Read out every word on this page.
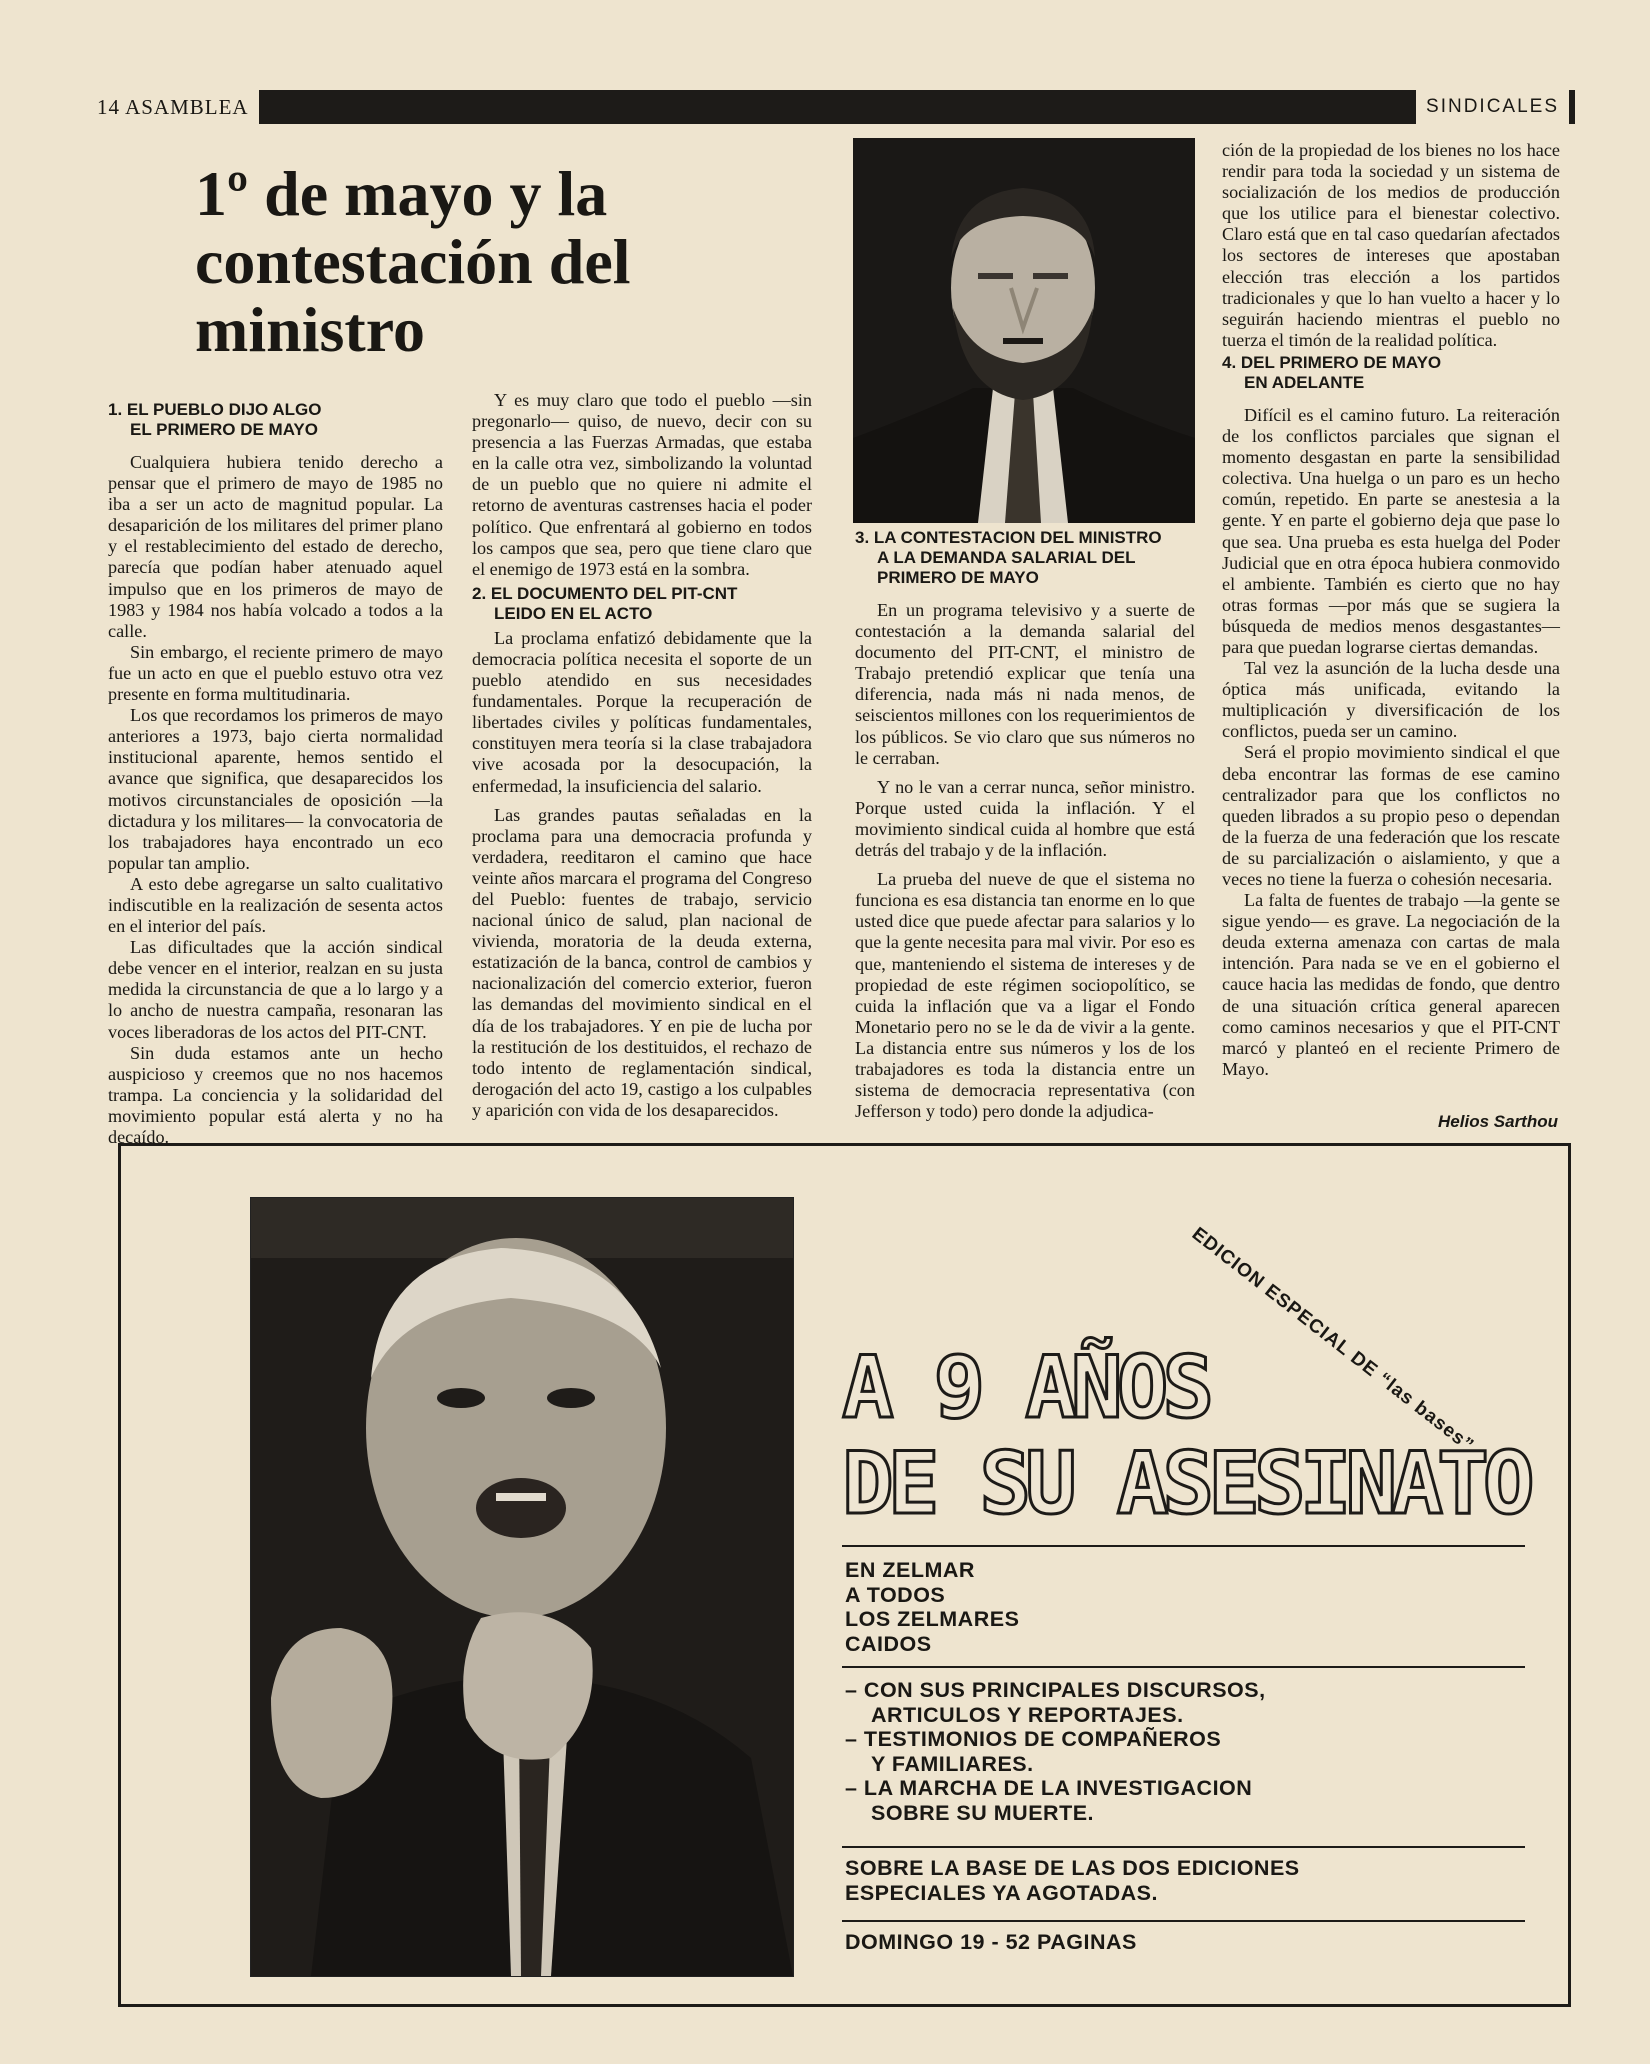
14 ASAMBLEA	SINDICALES
1º de mayo y la contestación del ministro
1. EL PUEBLO DIJO ALGO
EL PRIMERO DE MAYO

Cualquiera hubiera tenido derecho a pensar que el primero de mayo de 1985 no iba a ser un acto de magnitud popular. La desaparición de los militares del primer plano y el restablecimiento del estado de derecho, parecía que podían haber atenuado aquel impulso que en los primeros de mayo de 1983 y 1984 nos había volcado a todos a la calle.

Sin embargo, el reciente primero de mayo fue un acto en que el pueblo estuvo otra vez presente en forma multitudinaria.

Los que recordamos los primeros de mayo anteriores a 1973, bajo cierta normalidad institucional aparente, hemos sentido el avance que significa, que desaparecidos los motivos circunstanciales de oposición —la dictadura y los militares— la convocatoria de los trabajadores haya encontrado un eco popular tan amplio.

A esto debe agregarse un salto cualitativo indiscutible en la realización de sesenta actos en el interior del país.

Las dificultades que la acción sindical debe vencer en el interior, realzan en su justa medida la circunstancia de que a lo largo y a lo ancho de nuestra campaña, resonaran las voces liberadoras de los actos del PIT-CNT.

Sin duda estamos ante un hecho auspicioso y creemos que no nos hacemos trampa. La conciencia y la solidaridad del movimiento popular está alerta y no ha decaído.

Y es muy claro que todo el pueblo —sin pregonarlo— quiso, de nuevo, decir con su presencia a las Fuerzas Armadas, que estaba en la calle otra vez, simbolizando la voluntad de un pueblo que no quiere ni admite el retorno de aventuras castrenses hacia el poder político. Que enfrentará al gobierno en todos los campos que sea, pero que tiene claro que el enemigo de 1973 está en la sombra.

2. EL DOCUMENTO DEL PIT-CNT
LEIDO EN EL ACTO

La proclama enfatizó debidamente que la democracia política necesita el soporte de un pueblo atendido en sus necesidades fundamentales. Porque la recuperación de libertades civiles y políticas fundamentales, constituyen mera teoría si la clase trabajadora vive acosada por la desocupación, la enfermedad, la insuficiencia del salario.

Las grandes pautas señaladas en la proclama para una democracia profunda y verdadera, reeditaron el camino que hace veinte años marcara el programa del Congreso del Pueblo: fuentes de trabajo, servicio nacional único de salud, plan nacional de vivienda, moratoria de la deuda externa, estatización de la banca, control de cambios y nacionalización del comercio exterior, fueron las demandas del movimiento sindical en el día de los trabajadores. Y en pie de lucha por la restitución de los destituidos, el rechazo de todo intento de reglamentación sindical, derogación del acto 19, castigo a los culpables y aparición con vida de los desaparecidos.

3. LA CONTESTACION DEL MINISTRO
A LA DEMANDA SALARIAL DEL
PRIMERO DE MAYO

En un programa televisivo y a suerte de contestación a la demanda salarial del documento del PIT-CNT, el ministro de Trabajo pretendió explicar que tenía una diferencia, nada más ni nada menos, de seiscientos millones con los requerimientos de los públicos. Se vio claro que sus números no le cerraban.

Y no le van a cerrar nunca, señor ministro. Porque usted cuida la inflación. Y el movimiento sindical cuida al hombre que está detrás del trabajo y de la inflación.

La prueba del nueve de que el sistema no funciona es esa distancia tan enorme en lo que usted dice que puede afectar para salarios y lo que la gente necesita para mal vivir. Por eso es que, manteniendo el sistema de intereses y de propiedad de este régimen sociopolítico, se cuida la inflación que va a ligar el Fondo Monetario pero no se le da de vivir a la gente. La distancia entre sus números y los de los trabajadores es toda la distancia entre un sistema de democracia representativa (con Jefferson y todo) pero donde la adjudica-

ción de la propiedad de los bienes no los hace rendir para toda la sociedad y un sistema de socialización de los medios de producción que los utilice para el bienestar colectivo. Claro está que en tal caso quedarían afectados los sectores de intereses que apostaban elección tras elección a los partidos tradicionales y que lo han vuelto a hacer y lo seguirán haciendo mientras el pueblo no tuerza el timón de la realidad política.

4. DEL PRIMERO DE MAYO
EN ADELANTE

Difícil es el camino futuro. La reiteración de los conflictos parciales que signan el momento desgastan en parte la sensibilidad colectiva. Una huelga o un paro es un hecho común, repetido. En parte se anestesia a la gente. Y en parte el gobierno deja que pase lo que sea. Una prueba es esta huelga del Poder Judicial que en otra época hubiera conmovido el ambiente. También es cierto que no hay otras formas —por más que se sugiera la búsqueda de medios menos desgastantes— para que puedan lograrse ciertas demandas.

Tal vez la asunción de la lucha desde una óptica más unificada, evitando la multiplicación y diversificación de los conflictos, pueda ser un camino.

Será el propio movimiento sindical el que deba encontrar las formas de ese camino centralizador para que los conflictos no queden librados a su propio peso o dependan de la fuerza de una federación que los rescate de su parcialización o aislamiento, y que a veces no tiene la fuerza o cohesión necesaria.

La falta de fuentes de trabajo —la gente se sigue yendo— es grave. La negociación de la deuda externa amenaza con cartas de mala intención. Para nada se ve en el gobierno el cauce hacia las medidas de fondo, que dentro de una situación crítica general aparecen como caminos necesarios y que el PIT-CNT marcó y planteó en el reciente Primero de Mayo.

Helios Sarthou
EDICION ESPECIAL DE “las bases”
A 9 AÑOS
DE SU ASESINATO
EN ZELMAR
A TODOS
LOS ZELMARES
CAIDOS
– CON SUS PRINCIPALES DISCURSOS,
ARTICULOS Y REPORTAJES.
– TESTIMONIOS DE COMPAÑEROS
Y FAMILIARES.
– LA MARCHA DE LA INVESTIGACION
SOBRE SU MUERTE.
SOBRE LA BASE DE LAS DOS EDICIONES
ESPECIALES YA AGOTADAS.
DOMINGO 19 - 52 PAGINAS
